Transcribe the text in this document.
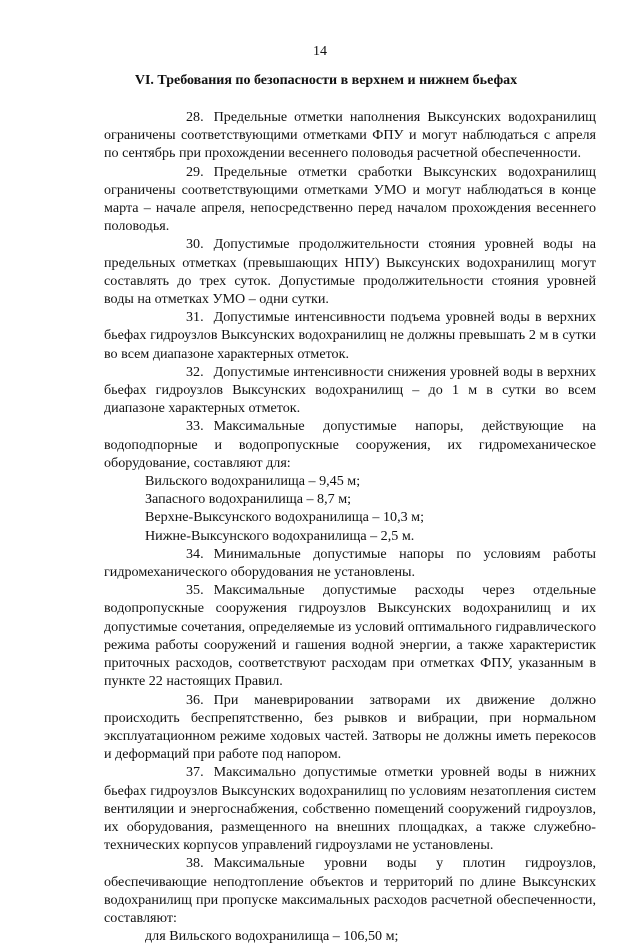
14
VI. Требования по безопасности в верхнем и нижнем бьефах

28. Предельные отметки наполнения Выксунских водохранилищ ограничены соответствующими отметками ФПУ и могут наблюдаться с апреля по сентябрь при прохождении весеннего половодья расчетной обеспеченности.

29. Предельные отметки сработки Выксунских водохранилищ ограничены соответствующими отметками УМО и могут наблюдаться в конце марта – начале апреля, непосредственно перед началом прохождения весеннего половодья.

30. Допустимые продолжительности стояния уровней воды на предельных отметках (превышающих НПУ) Выксунских водохранилищ могут составлять до трех суток. Допустимые продолжительности стояния уровней воды на отметках УМО – одни сутки.

31. Допустимые интенсивности подъема уровней воды в верхних бьефах гидроузлов Выксунских водохранилищ не должны превышать 2 м в сутки во всем диапазоне характерных отметок.

32. Допустимые интенсивности снижения уровней воды в верхних бьефах гидроузлов Выксунских водохранилищ – до 1 м в сутки во всем диапазоне характерных отметок.

33. Максимальные допустимые напоры, действующие на водоподпорные и водопропускные сооружения, их гидромеханическое оборудование, составляют для:

Вильского водохранилища – 9,45 м;

Запасного водохранилища – 8,7 м;

Верхне-Выксунского водохранилища – 10,3 м;

Нижне-Выксунского водохранилища – 2,5 м.

34. Минимальные допустимые напоры по условиям работы гидромеханического оборудования не установлены.

35. Максимальные допустимые расходы через отдельные водопропускные сооружения гидроузлов Выксунских водохранилищ и их допустимые сочетания, определяемые из условий оптимального гидравлического режима работы сооружений и гашения водной энергии, а также характеристик приточных расходов, соответствуют расходам при отметках ФПУ, указанным в пункте 22 настоящих Правил.

36. При маневрировании затворами их движение должно происходить беспрепятственно, без рывков и вибрации, при нормальном эксплуатационном режиме ходовых частей. Затворы не должны иметь перекосов и деформаций при работе под напором.

37. Максимально допустимые отметки уровней воды в нижних бьефах гидроузлов Выксунских водохранилищ по условиям незатопления систем вентиляции и энергоснабжения, собственно помещений сооружений гидроузлов, их оборудования, размещенного на внешних площадках, а также служебно-технических корпусов управлений гидроузлами не установлены.

38. Максимальные уровни воды у плотин гидроузлов, обеспечивающие неподтопление объектов и территорий по длине Выксунских водохранилищ при пропуске максимальных расходов расчетной обеспеченности, составляют:

для Вильского водохранилища – 106,50 м;
